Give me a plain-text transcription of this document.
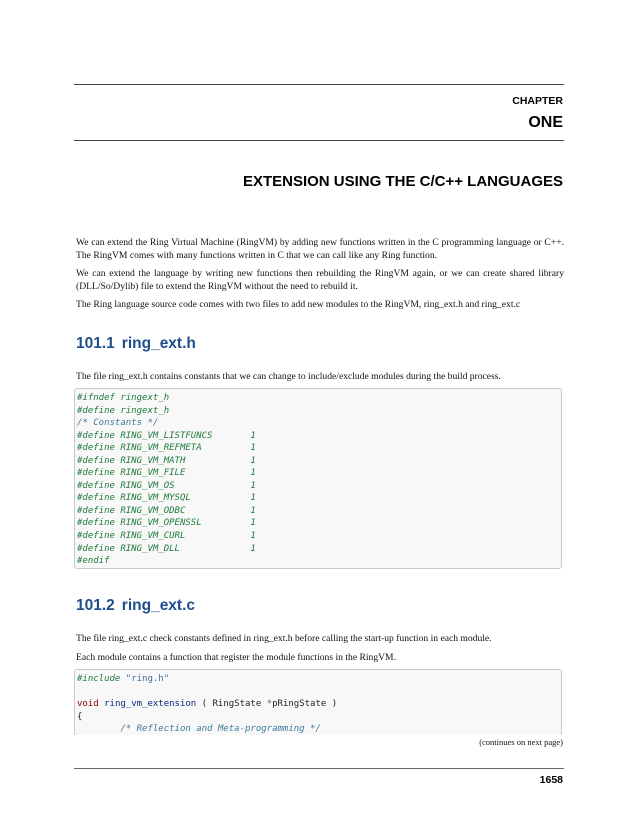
CHAPTER
ONE
EXTENSION USING THE C/C++ LANGUAGES

We can extend the Ring Virtual Machine (RingVM) by adding new functions written in the C programming language or C++. The RingVM comes with many functions written in C that we can call like any Ring function.

We can extend the language by writing new functions then rebuilding the RingVM again, or we can create shared library (DLL/So/Dylib) file to extend the RingVM without the need to rebuild it.

The Ring language source code comes with two files to add new modules to the RingVM, ring_ext.h and ring_ext.c

101.1 ring_ext.h

The file ring_ext.h contains constants that we can change to include/exclude modules during the build process.

#ifndef ringext_h
#define ringext_h
/* Constants */
#define RING_VM_LISTFUNCS       1
#define RING_VM_REFMETA         1
#define RING_VM_MATH            1
#define RING_VM_FILE            1
#define RING_VM_OS              1
#define RING_VM_MYSQL           1
#define RING_VM_ODBC            1
#define RING_VM_OPENSSL         1
#define RING_VM_CURL            1
#define RING_VM_DLL             1
#endif
101.2 ring_ext.c

The file ring_ext.c check constants defined in ring_ext.h before calling the start-up function in each module.

Each module contains a function that register the module functions in the RingVM.

#include "ring.h"
void ring_vm_extension ( RingState *pRingState )
{
/* Reflection and Meta-programming */
(continues on next page)
1658
